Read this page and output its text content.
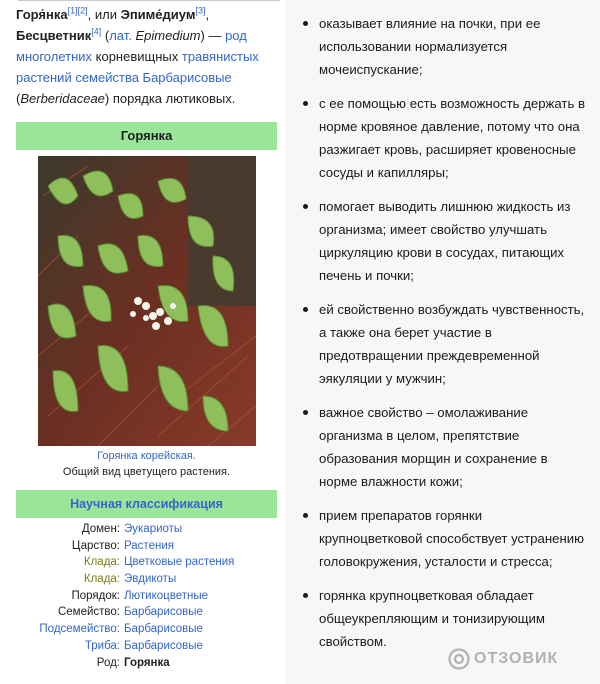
Горя́нка[1][2], или Эпиме́диум[3],
Бесцветник[4] (лат. Epimedium) — род
многолетних корневищных травянистых растений семейства Барбарисовые
(Berberidaceae) порядка лютиковых.
Горянка
Горянка корейская.
Общий вид цветущего растения.
Научная классификация
Домен: Эукариоты
Царство: Растения
Клада: Цветковые растения
Клада: Эвдикоты
Порядок: Лютикоцветные
Семейство: Барбарисовые
Подсемейство: Барбарисовые
Триба: Барбарисовые
Род: Горянка
оказывает влияние на почки, при ее использовании нормализуется мочеиспускание;
с ее помощью есть возможность держать в норме кровяное давление, потому что она разжигает кровь, расширяет кровеносные сосуды и капилляры;
помогает выводить лишнюю жидкость из организма; имеет свойство улучшать циркуляцию крови в сосудах, питающих печень и почки;
ей свойственно возбуждать чувственность, а также она берет участие в предотвращении преждевременной эякуляции у мужчин;
важное свойство – омолаживание организма в целом, препятствие образования морщин и сохранение в норме влажности кожи;
прием препаратов горянки крупноцветковой способствует устранению головокружения, усталости и стресса;
горянка крупноцветковая обладает общеукрепляющим и тонизирующим свойством.
ОТЗОВИК
